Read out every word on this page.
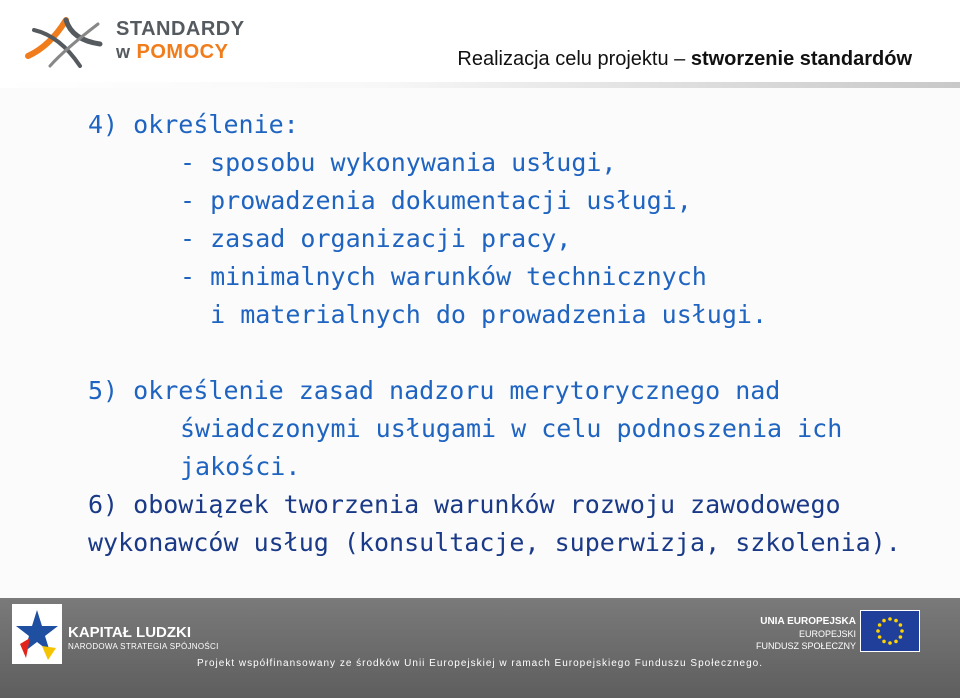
STANDARDY
w POMOCY	Realizacja celu projektu – stworzenie standardów
4) określenie:
- sposobu wykonywania usługi,
- prowadzenia dokumentacji usługi,
- zasad organizacji pracy,
- minimalnych warunków technicznych
i materialnych do prowadzenia usługi.
5) określenie zasad nadzoru merytorycznego nad
świadczonymi usługami w celu podnoszenia ich
jakości.
6) obowiązek tworzenia warunków rozwoju zawodowego
wykonawców usług (konsultacje, superwizja, szkolenia).
KAPITAŁ LUDZKI
NARODOWA STRATEGIA SPÓJNOŚCI
UNIA EUROPEJSKA
EUROPEJSKI
FUNDUSZ SPOŁECZNY
Projekt współfinansowany ze środków Unii Europejskiej w ramach Europejskiego Funduszu Społecznego.
